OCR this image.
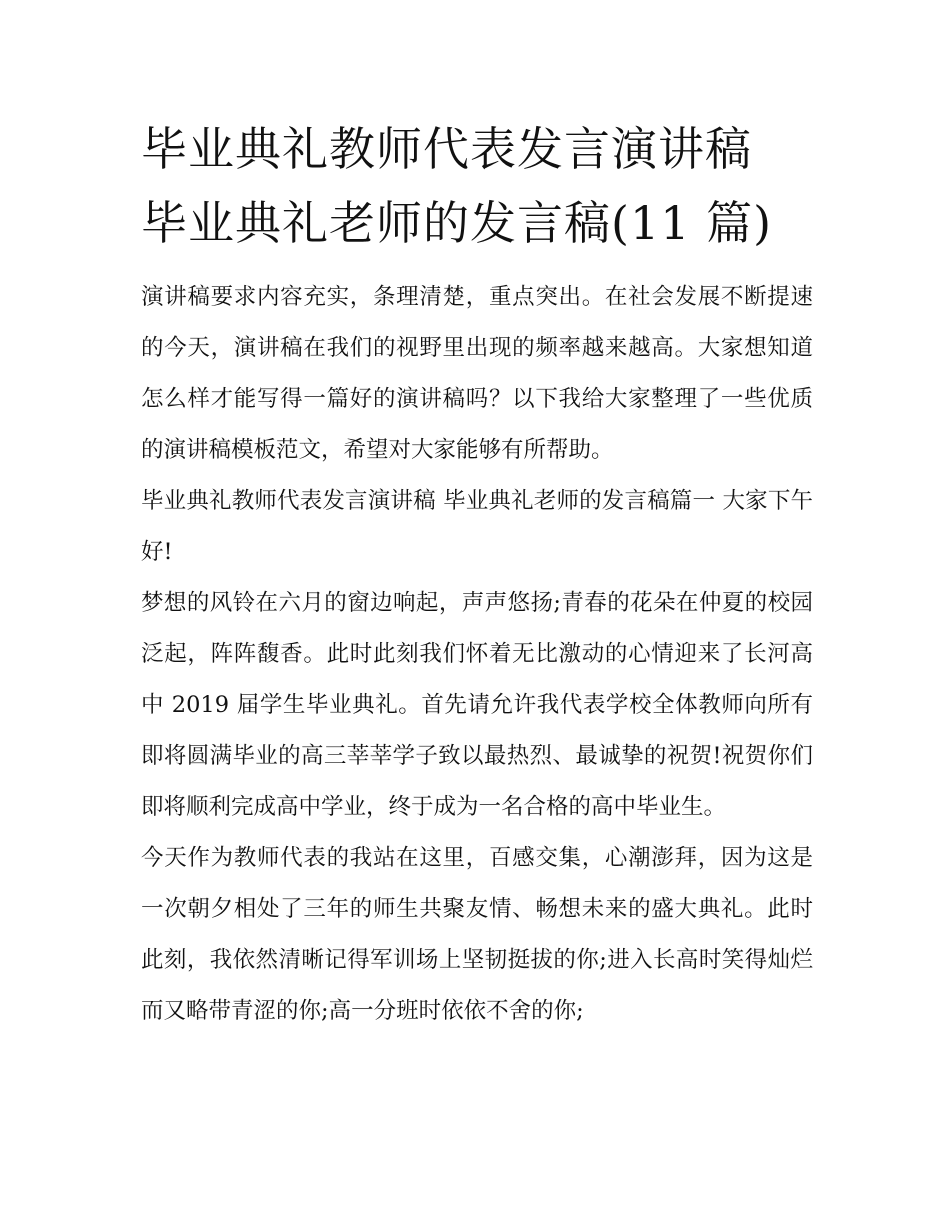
毕业典礼教师代表发言演讲稿
毕业典礼老师的发言稿(11 篇)

演讲稿要求内容充实，条理清楚，重点突出。在社会发展不断提速的今天，演讲稿在我们的视野里出现的频率越来越高。大家想知道怎么样才能写得一篇好的演讲稿吗？以下我给大家整理了一些优质的演讲稿模板范文，希望对大家能够有所帮助。

毕业典礼教师代表发言演讲稿 毕业典礼老师的发言稿篇一 大家下午好!

梦想的风铃在六月的窗边响起，声声悠扬;青春的花朵在仲夏的校园泛起，阵阵馥香。此时此刻我们怀着无比激动的心情迎来了长河高中 2019 届学生毕业典礼。首先请允许我代表学校全体教师向所有即将圆满毕业的高三莘莘学子致以最热烈、最诚挚的祝贺!祝贺你们即将顺利完成高中学业，终于成为一名合格的高中毕业生。

今天作为教师代表的我站在这里，百感交集，心潮澎拜，因为这是一次朝夕相处了三年的师生共聚友情、畅想未来的盛大典礼。此时此刻，我依然清晰记得军训场上坚韧挺拔的你;进入长高时笑得灿烂而又略带青涩的你;高一分班时依依不舍的你;
